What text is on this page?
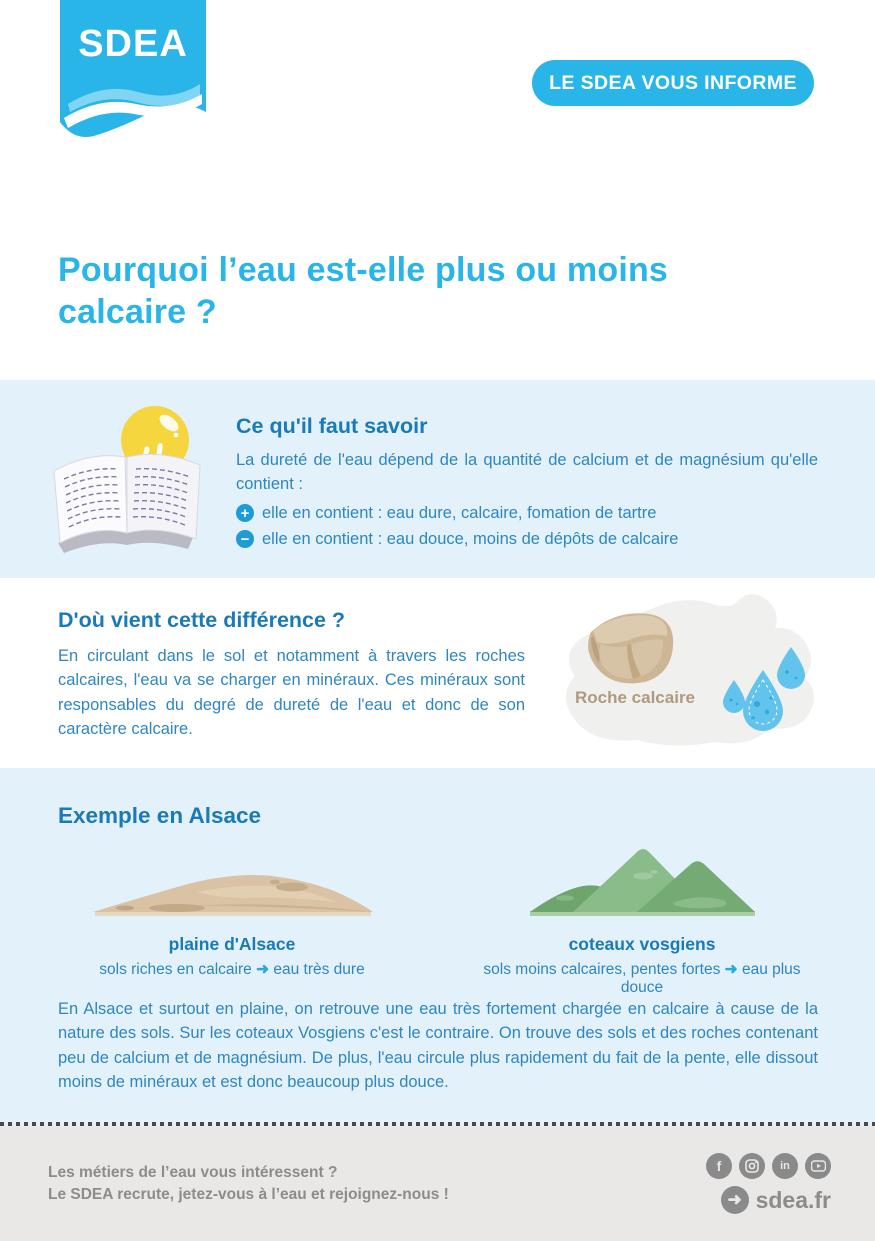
SDEA
LE SDEA VOUS INFORME
Pourquoi l’eau est-elle plus ou moins calcaire ?
Ce qu'il faut savoir

La dureté de l'eau dépend de la quantité de calcium et de magnésium qu'elle contient :

+ elle en contient : eau dure, calcaire, fomation de tartre
− elle en contient : eau douce, moins de dépôts de calcaire
D'où vient cette différence ?

En circulant dans le sol et notamment à travers les roches calcaires, l'eau va se charger en minéraux. Ces minéraux sont responsables du degré de dureté de l'eau et donc de son caractère calcaire.

Roche calcaire
Exemple en Alsace
plaine d'Alsace
sols riches en calcaire ➜ eau très dure
coteaux vosgiens
sols moins calcaires, pentes fortes ➜ eau plus douce

En Alsace et surtout en plaine, on retrouve une eau très fortement chargée en calcaire à cause de la nature des sols. Sur les coteaux Vosgiens c'est le contraire. On trouve des sols et des roches contenant peu de calcium et de magnésium. De plus, l'eau circule plus rapidement du fait de la pente, elle dissout moins de minéraux et est donc beaucoup plus douce.

Les métiers de l’eau vous intéressent ?
Le SDEA recrute, jetez-vous à l’eau et rejoignez-nous !
f	in
➜ sdea.fr
